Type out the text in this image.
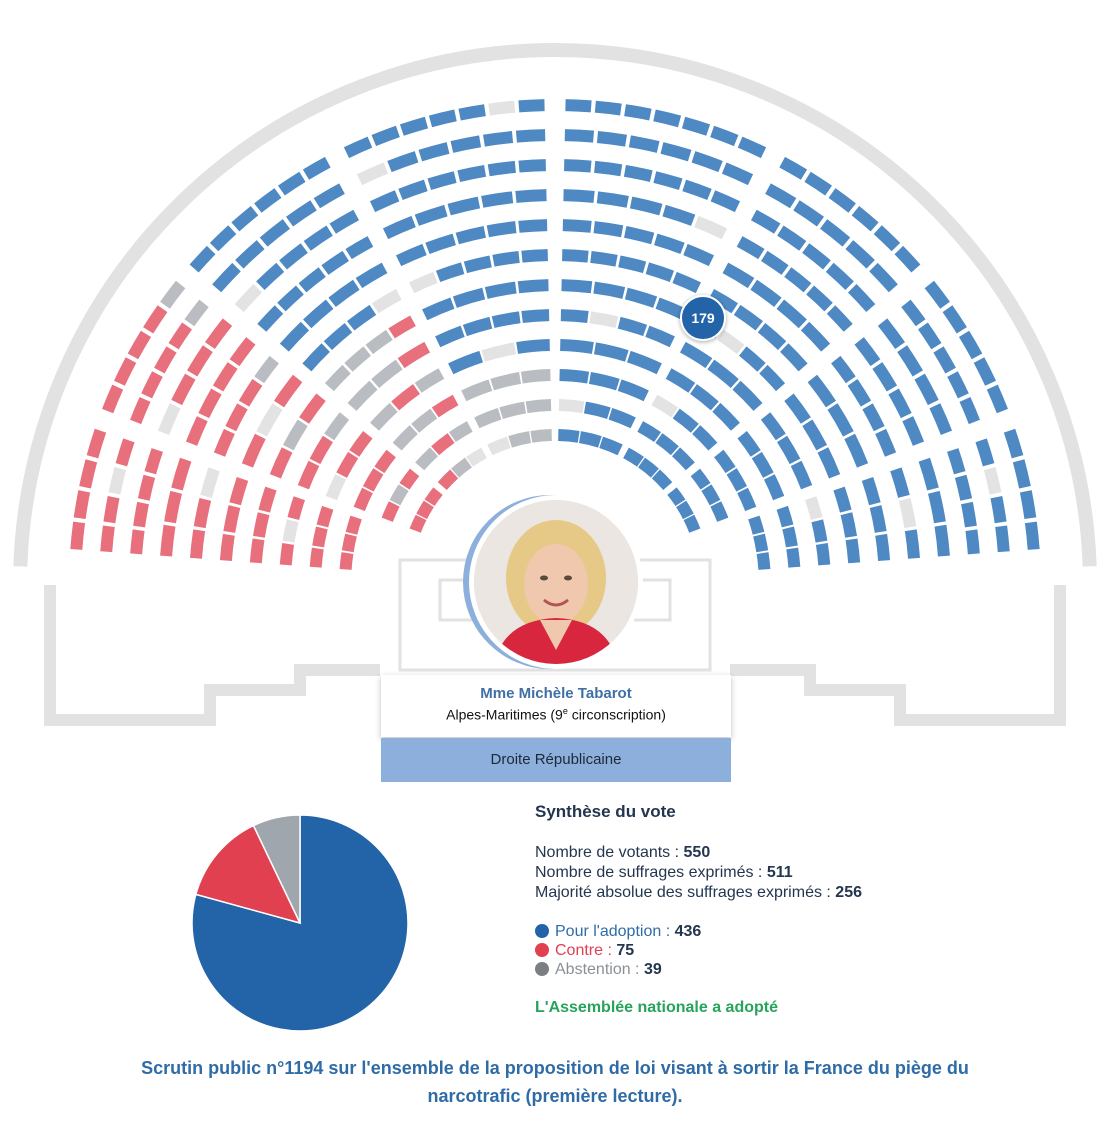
179
Mme Michèle Tabarot
Alpes-Maritimes (9e circonscription)
Droite Républicaine
Synthèse du vote
Nombre de votants : 550
Nombre de suffrages exprimés : 511
Majorité absolue des suffrages exprimés : 256
Pour l'adoption : 436
Contre : 75
Abstention : 39
L'Assemblée nationale a adopté
Scrutin public n°1194 sur l'ensemble de la proposition de loi visant à sortir la France du piège du
narcotrafic (première lecture).
